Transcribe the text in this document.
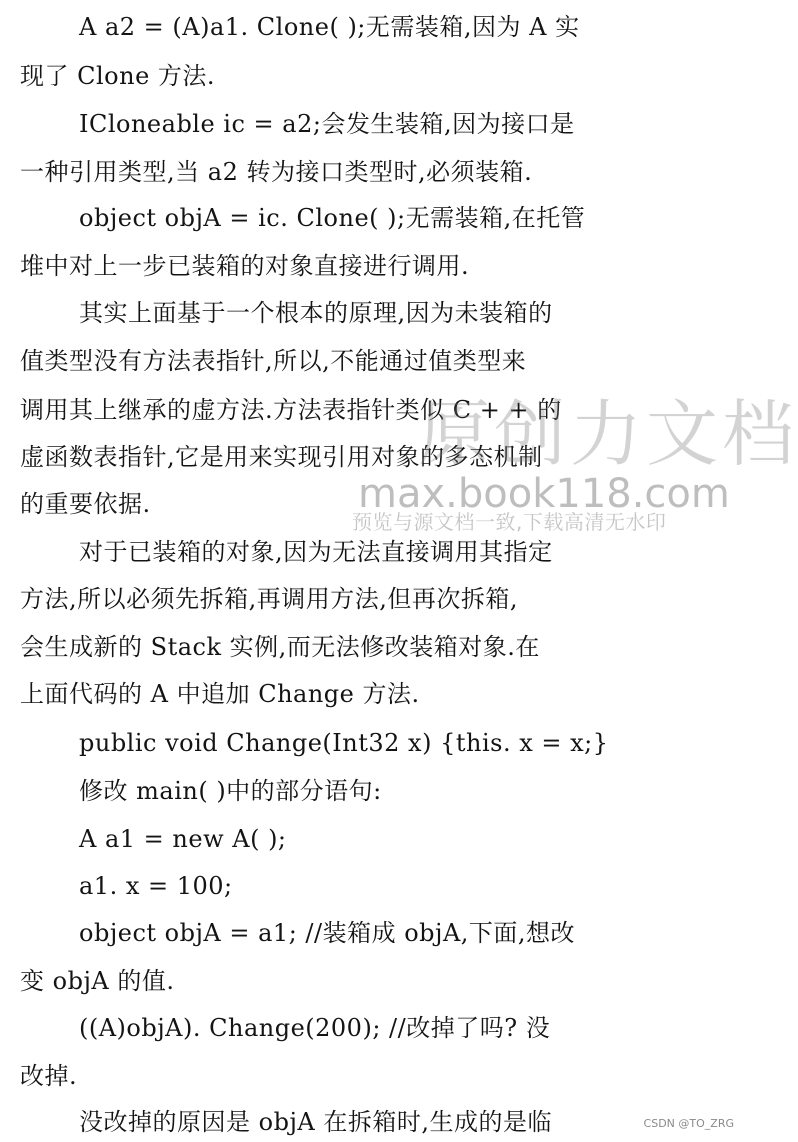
A a2 = (A)a1. Clone( );无需装箱,因为 A 实
现了 Clone 方法.
ICloneable ic = a2;会发生装箱,因为接口是
一种引用类型,当 a2 转为接口类型时,必须装箱.
object objA = ic. Clone( );无需装箱,在托管
堆中对上一步已装箱的对象直接进行调用.
其实上面基于一个根本的原理,因为未装箱的
值类型没有方法表指针,所以,不能通过值类型来
调用其上继承的虚方法.方法表指针类似 C + + 的
虚函数表指针,它是用来实现引用对象的多态机制
的重要依据.
对于已装箱的对象,因为无法直接调用其指定
方法,所以必须先拆箱,再调用方法,但再次拆箱,
会生成新的 Stack 实例,而无法修改装箱对象.在
上面代码的 A 中追加 Change 方法.
public void Change(Int32 x) {this. x = x;}
修改 main( )中的部分语句:
A a1 = new A( );
a1. x = 100;
object objA = a1; //装箱成 objA,下面,想改
变 objA 的值.
((A)objA). Change(200); //改掉了吗? 没
改掉.
没改掉的原因是 objA 在拆箱时,生成的是临
原创力文档
max.book118.com
预览与源文档一致,下载高清无水印
CSDN @TO_ZRG
